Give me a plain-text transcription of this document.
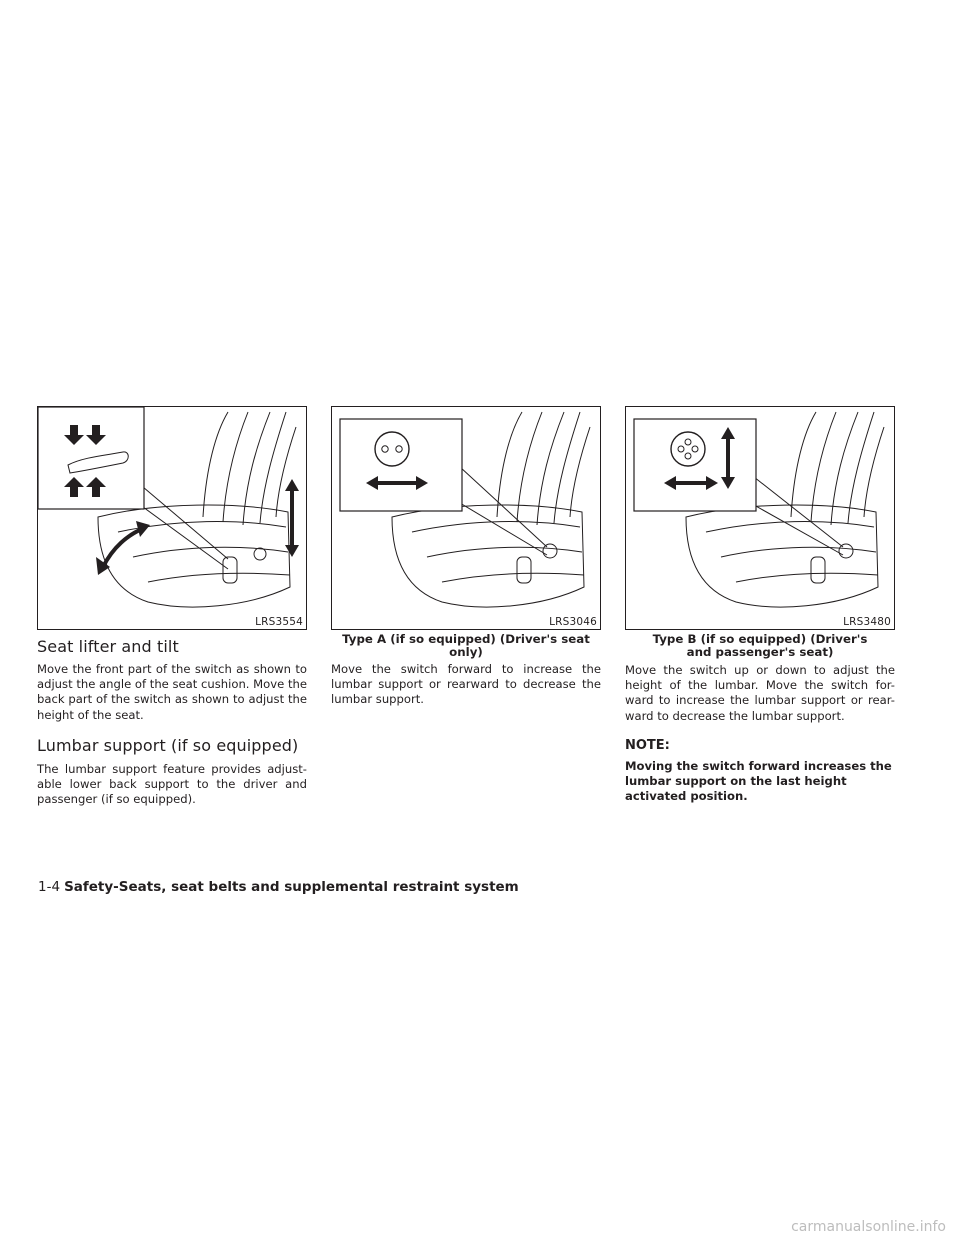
LRS3554	LRS3046	LRS3480
Seat lifter and tilt

Move the front part of the switch as shown to adjust the angle of the seat cushion. Move the back part of the switch as shown to adjust the height of the seat.

Lumbar support (if so equipped)

The lumbar support feature provides adjust- able lower back support to the driver and passenger (if so equipped).

Type A (if so equipped) (Driver's seat only)

Move the switch forward to increase the lumbar support or rearward to decrease the lumbar support.

Type B (if so equipped) (Driver's and passenger's seat)

Move the switch up or down to adjust the height of the lumbar. Move the switch for- ward to increase the lumbar support or rear- ward to decrease the lumbar support.

NOTE:
Moving the switch forward increases the lumbar support on the last height activated position.
1-4 Safety-Seats, seat belts and supplemental restraint system
carmanualsonline.info
